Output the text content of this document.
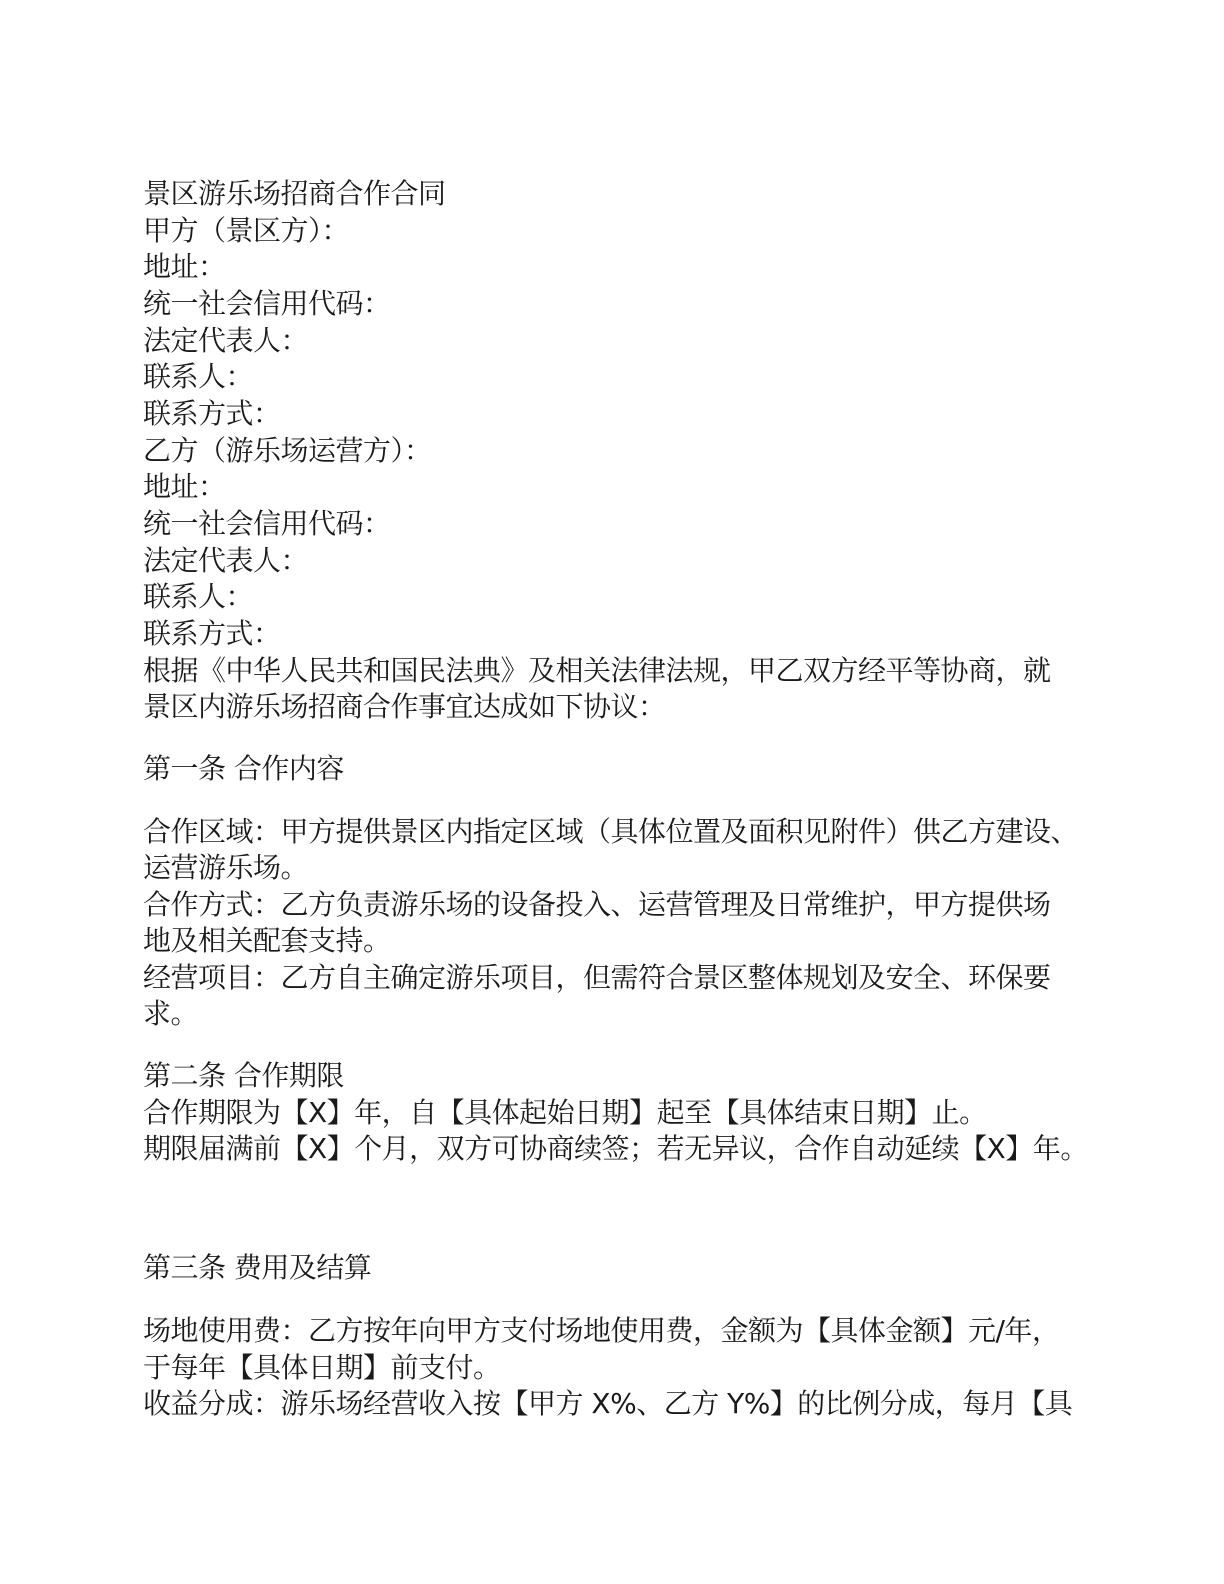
景区游乐场招商合作合同
甲方（景区方）：
地址：
统一社会信用代码：
法定代表人：
联系人：
联系方式：
乙方（游乐场运营方）：
地址：
统一社会信用代码：
法定代表人：
联系人：
联系方式：
根据《中华人民共和国民法典》及相关法律法规，甲乙双方经平等协商，就
景区内游乐场招商合作事宜达成如下协议：
第一条 合作内容
合作区域：甲方提供景区内指定区域（具体位置及面积见附件）供乙方建设、
运营游乐场。
合作方式：乙方负责游乐场的设备投入、运营管理及日常维护，甲方提供场
地及相关配套支持。
经营项目：乙方自主确定游乐项目，但需符合景区整体规划及安全、环保要
求。
第二条 合作期限
合作期限为【X】年，自【具体起始日期】起至【具体结束日期】止。
期限届满前【X】个月，双方可协商续签；若无异议，合作自动延续【X】年。
第三条 费用及结算
场地使用费：乙方按年向甲方支付场地使用费，金额为【具体金额】元/年，
于每年【具体日期】前支付。
收益分成：游乐场经营收入按【甲方 X%、乙方 Y%】的比例分成，每月【具
